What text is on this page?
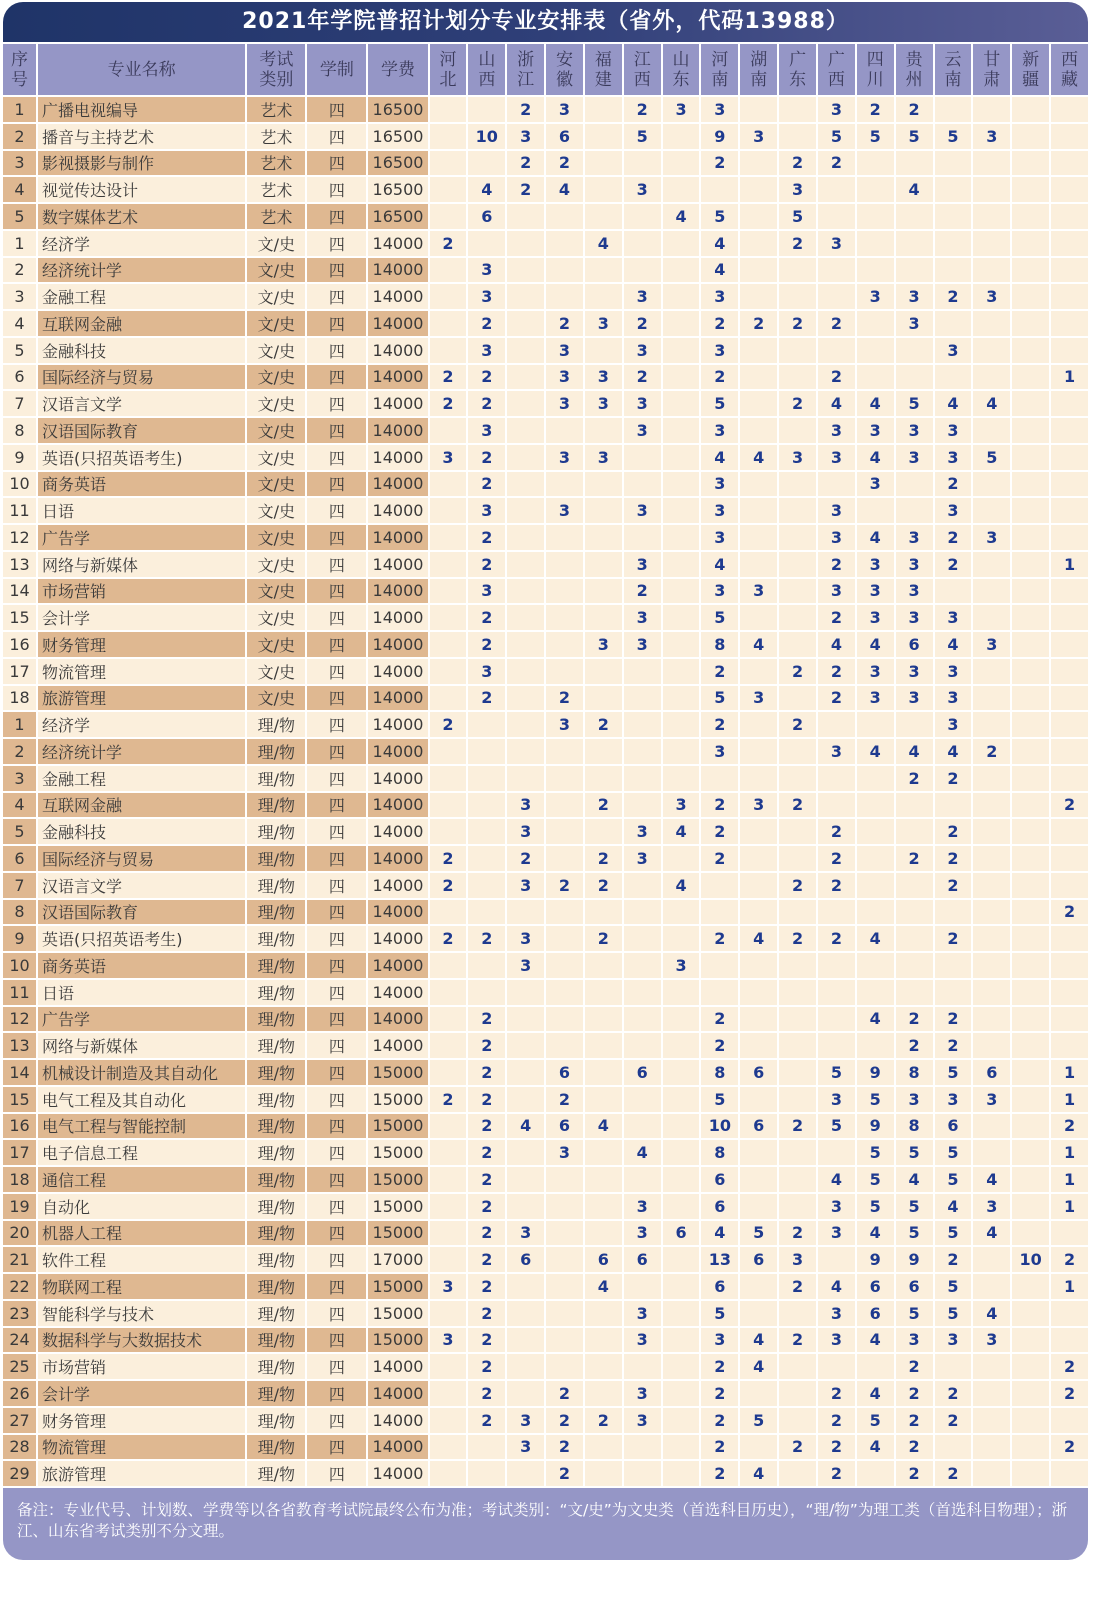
2021年学院普招计划分专业安排表（省外，代码13988）
序号	专业名称	考试类别	学制	学费	河北	山西	浙江	安徽	福建	江西	山东	河南	湖南	广东	广西	四川	贵州	云南	甘肃	新疆	西藏
1	广播电视编导	艺术	四	16500			2	3		2	3	3			3	2	2				
2	播音与主持艺术	艺术	四	16500		10	3	6		5		9	3		5	5	5	5	3		
3	影视摄影与制作	艺术	四	16500			2	2				2		2	2						
4	视觉传达设计	艺术	四	16500		4	2	4		3				3			4				
5	数字媒体艺术	艺术	四	16500		6					4	5		5							
1	经济学	文/史	四	14000	2				4			4		2	3						
2	经济统计学	文/史	四	14000		3						4									
3	金融工程	文/史	四	14000		3				3		3				3	3	2	3		
4	互联网金融	文/史	四	14000		2		2	3	2		2	2	2	2		3				
5	金融科技	文/史	四	14000		3		3		3		3						3			
6	国际经济与贸易	文/史	四	14000	2	2		3	3	2		2			2						1
7	汉语言文学	文/史	四	14000	2	2		3	3	3		5		2	4	4	5	4	4		
8	汉语国际教育	文/史	四	14000		3				3		3			3	3	3	3			
9	英语(只招英语考生)	文/史	四	14000	3	2		3	3			4	4	3	3	4	3	3	5		
10	商务英语	文/史	四	14000		2						3				3		2			
11	日语	文/史	四	14000		3		3		3		3			3			3			
12	广告学	文/史	四	14000		2						3			3	4	3	2	3		
13	网络与新媒体	文/史	四	14000		2				3		4			2	3	3	2			1
14	市场营销	文/史	四	14000		3				2		3	3		3	3	3				
15	会计学	文/史	四	14000		2				3		5			2	3	3	3			
16	财务管理	文/史	四	14000		2			3	3		8	4		4	4	6	4	3		
17	物流管理	文/史	四	14000		3						2		2	2	3	3	3			
18	旅游管理	文/史	四	14000		2		2				5	3		2	3	3	3			
1	经济学	理/物	四	14000	2			3	2			2		2				3			
2	经济统计学	理/物	四	14000								3			3	4	4	4	2		
3	金融工程	理/物	四	14000													2	2			
4	互联网金融	理/物	四	14000			3		2		3	2	3	2							2
5	金融科技	理/物	四	14000			3			3	4	2			2			2			
6	国际经济与贸易	理/物	四	14000	2		2		2	3		2			2		2	2			
7	汉语言文学	理/物	四	14000	2		3	2	2		4			2	2			2			
8	汉语国际教育	理/物	四	14000																	2
9	英语(只招英语考生)	理/物	四	14000	2	2	3		2			2	4	2	2	4		2			
10	商务英语	理/物	四	14000			3				3										
11	日语	理/物	四	14000																	
12	广告学	理/物	四	14000		2						2				4	2	2			
13	网络与新媒体	理/物	四	14000		2						2					2	2			
14	机械设计制造及其自动化	理/物	四	15000		2		6		6		8	6		5	9	8	5	6		1
15	电气工程及其自动化	理/物	四	15000	2	2		2				5			3	5	3	3	3		1
16	电气工程与智能控制	理/物	四	15000		2	4	6	4			10	6	2	5	9	8	6			2
17	电子信息工程	理/物	四	15000		2		3		4		8				5	5	5			1
18	通信工程	理/物	四	15000		2						6			4	5	4	5	4		1
19	自动化	理/物	四	15000		2				3		6			3	5	5	4	3		1
20	机器人工程	理/物	四	15000		2	3			3	6	4	5	2	3	4	5	5	4		
21	软件工程	理/物	四	17000		2	6		6	6		13	6	3		9	9	2		10	2
22	物联网工程	理/物	四	15000	3	2			4			6		2	4	6	6	5			1
23	智能科学与技术	理/物	四	15000		2				3		5			3	6	5	5	4		
24	数据科学与大数据技术	理/物	四	15000	3	2				3		3	4	2	3	4	3	3	3		
25	市场营销	理/物	四	14000		2						2	4				2				2
26	会计学	理/物	四	14000		2		2		3		2			2	4	2	2			2
27	财务管理	理/物	四	14000		2	3	2	2	3		2	5		2	5	2	2			
28	物流管理	理/物	四	14000			3	2				2		2	2	4	2				2
29	旅游管理	理/物	四	14000				2				2	4		2		2	2			
备注：专业代号、计划数、学费等以各省教育考试院最终公布为准；考试类别：“文/史”为文史类（首选科目历史），“理/物”为理工类（首选科目物理）；浙江、山东省考试类别不分文理。
